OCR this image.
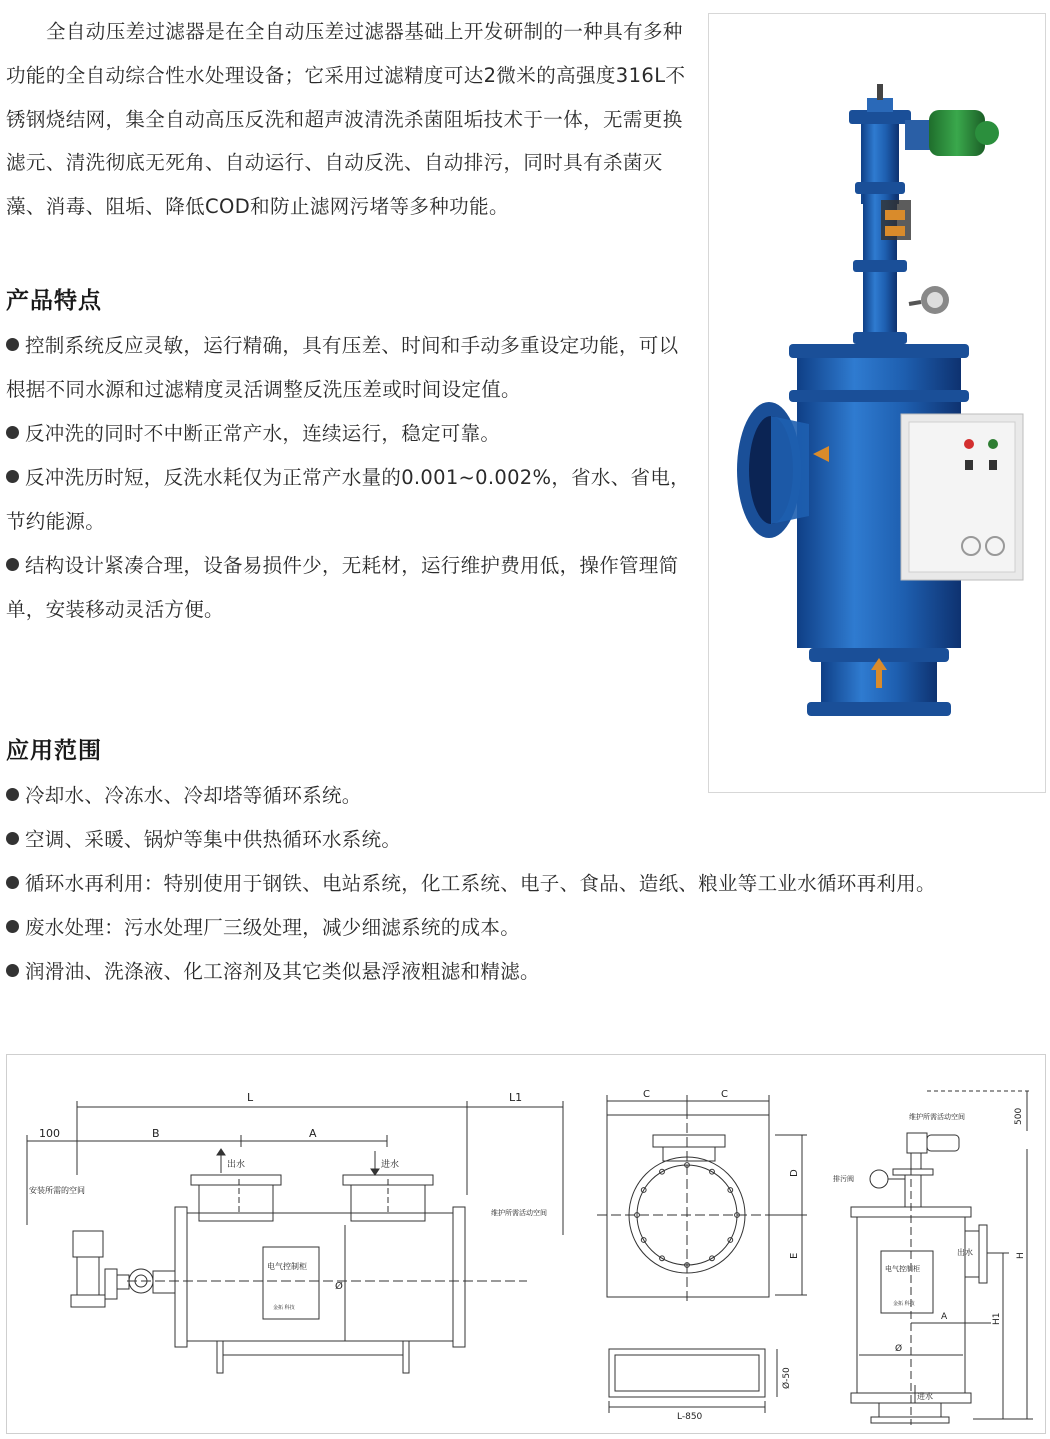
全自动压差过滤器是在全自动压差过滤器基础上开发研制的一种具有多种功能的全自动综合性水处理设备；它采用过滤精度可达2微米的高强度316L不锈钢烧结网，集全自动高压反洗和超声波清洗杀菌阻垢技术于一体，无需更换滤元、清洗彻底无死角、自动运行、自动反洗、自动排污，同时具有杀菌灭藻、消毒、阻垢、降低COD和防止滤网污堵等多种功能。

产品特点
控制系统反应灵敏，运行精确，具有压差、时间和手动多重设定功能，可以根据不同水源和过滤精度灵活调整反洗压差或时间设定值。
反冲洗的同时不中断正常产水，连续运行，稳定可靠。
反冲洗历时短，反洗水耗仅为正常产水量的0.001~0.002%，省水、省电，节约能源。
结构设计紧凑合理，设备易损件少，无耗材，运行维护费用低，操作管理简单，安装移动灵活方便。
应用范围
冷却水、冷冻水、冷却塔等循环系统。
空调、采暖、锅炉等集中供热循环水系统。
循环水再利用：特别使用于钢铁、电站系统，化工系统、电子、食品、造纸、粮业等工业水循环再利用。
废水处理：污水处理厂三级处理，减少细滤系统的成本。
润滑油、洗涤液、化工溶剂及其它类似悬浮液粗滤和精滤。
L	L1
100	B	A
出水	进水
安装所需的空间
维护所需活动空间
Ø
电气控制柜
金拓 科技
C	C
D
E
L-850
Ø-50
维护所需活动空间	500
排污阀
出水
电气控制柜
金拓 科技
A
Ø
进水
H
H1
